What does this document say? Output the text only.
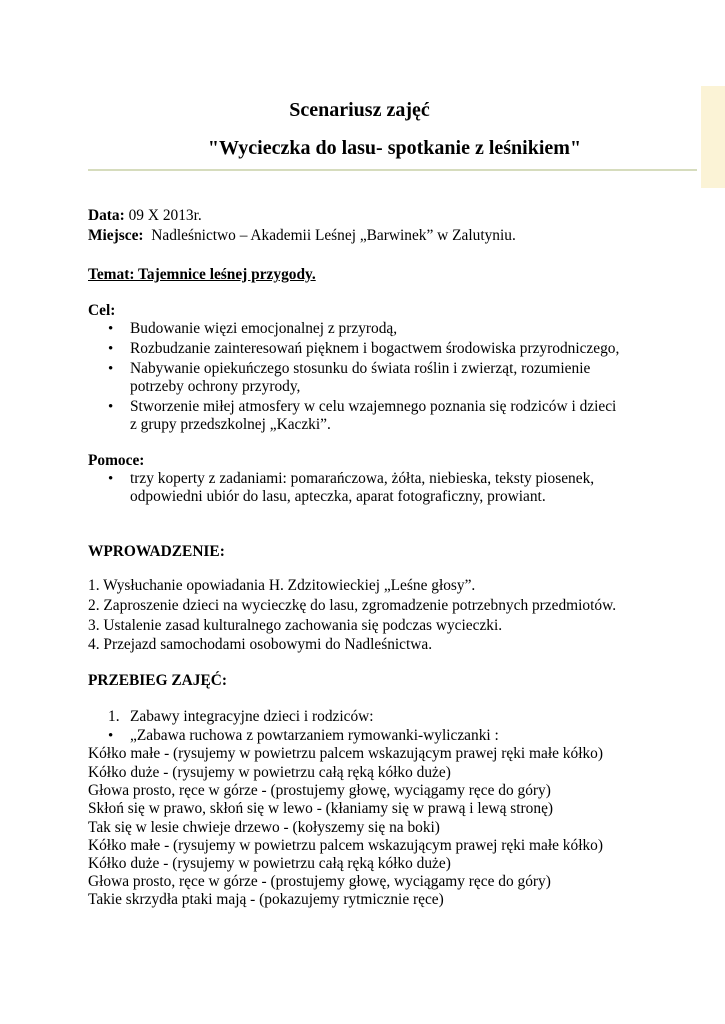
Scenariusz zajęć
"Wycieczka do lasu- spotkanie z leśnikiem"
Data: 09 X 2013r.
Miejsce:  Nadleśnictwo – Akademii Leśnej „Barwinek” w Zalutyniu.
Temat: Tajemnice leśnej przygody.
Cel:
• Budowanie więzi emocjonalnej z przyrodą,
• Rozbudzanie zainteresowań pięknem i bogactwem środowiska przyrodniczego,
• Nabywanie opiekuńczego stosunku do świata roślin i zwierząt, rozumienie
potrzeby ochrony przyrody,
• Stworzenie miłej atmosfery w celu wzajemnego poznania się rodziców i dzieci
z grupy przedszkolnej „Kaczki”.
Pomoce:
• trzy koperty z zadaniami: pomarańczowa, żółta, niebieska, teksty piosenek,
odpowiedni ubiór do lasu, apteczka, aparat fotograficzny, prowiant.
WPROWADZENIE:
1. Wysłuchanie opowiadania H. Zdzitowieckiej „Leśne głosy”.
2. Zaproszenie dzieci na wycieczkę do lasu, zgromadzenie potrzebnych przedmiotów.
3. Ustalenie zasad kulturalnego zachowania się podczas wycieczki.
4. Przejazd samochodami osobowymi do Nadleśnictwa.
PRZEBIEG ZAJĘĆ:
1. Zabawy integracyjne dzieci i rodziców:
• „Zabawa ruchowa z powtarzaniem rymowanki-wyliczanki :
Kółko małe - (rysujemy w powietrzu palcem wskazującym prawej ręki małe kółko)
Kółko duże - (rysujemy w powietrzu całą ręką kółko duże)
Głowa prosto, ręce w górze - (prostujemy głowę, wyciągamy ręce do góry)
Skłoń się w prawo, skłoń się w lewo - (kłaniamy się w prawą i lewą stronę)
Tak się w lesie chwieje drzewo - (kołyszemy się na boki)
Kółko małe - (rysujemy w powietrzu palcem wskazującym prawej ręki małe kółko)
Kółko duże - (rysujemy w powietrzu całą ręką kółko duże)
Głowa prosto, ręce w górze - (prostujemy głowę, wyciągamy ręce do góry)
Takie skrzydła ptaki mają - (pokazujemy rytmicznie ręce)
